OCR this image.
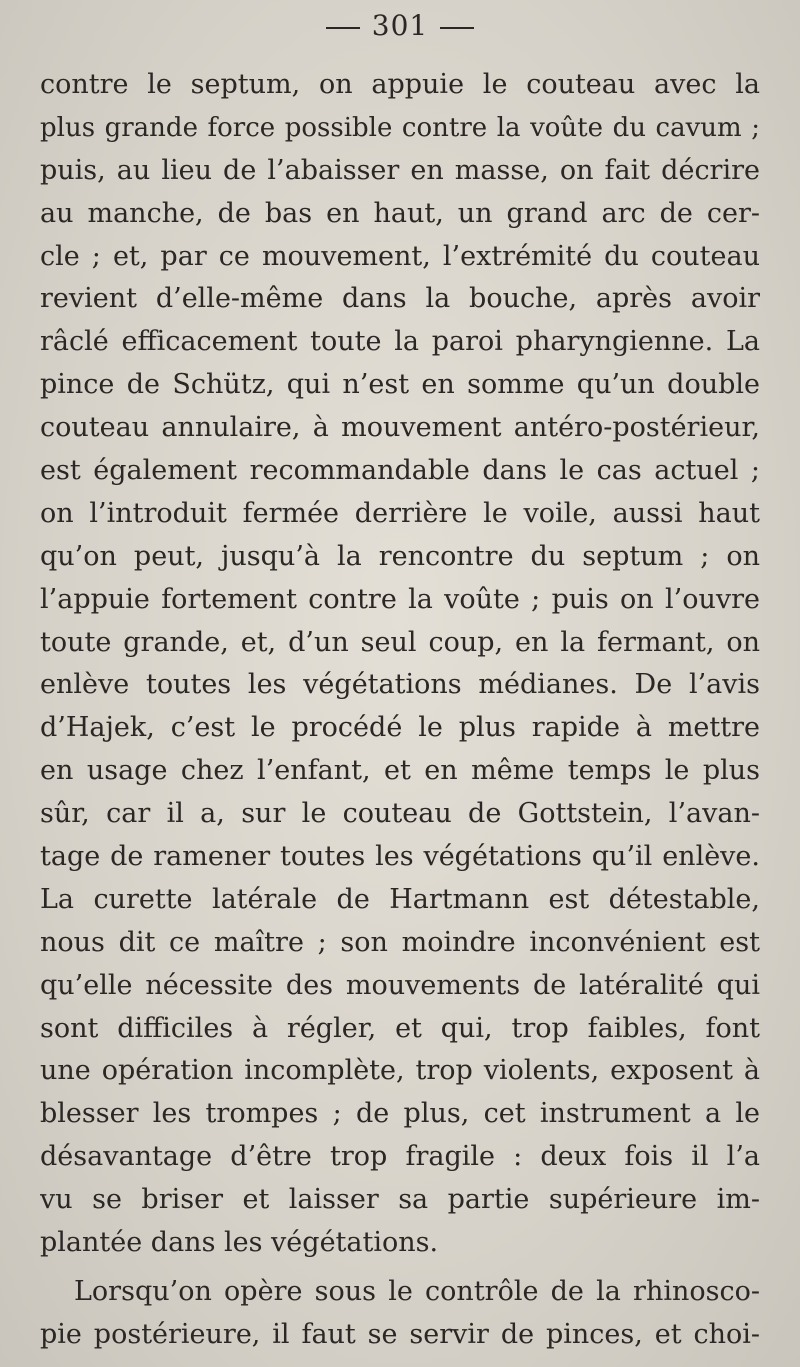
301
contre le septum, on appuie le couteau avec la
plus grande force possible contre la voûte du cavum ;
puis, au lieu de l’abaisser en masse, on fait décrire
au manche, de bas en haut, un grand arc de cer-
cle ; et, par ce mouvement, l’extrémité du couteau
revient d’elle-même dans la bouche, après avoir
râclé efficacement toute la paroi pharyngienne. La
pince de Schütz, qui n’est en somme qu’un double
couteau annulaire, à mouvement antéro-postérieur,
est également recommandable dans le cas actuel ;
on l’introduit fermée derrière le voile, aussi haut
qu’on peut, jusqu’à la rencontre du septum ; on
l’appuie fortement contre la voûte ; puis on l’ouvre
toute grande, et, d’un seul coup, en la fermant, on
enlève toutes les végétations médianes. De l’avis
d’Hajek, c’est le procédé le plus rapide à mettre
en usage chez l’enfant, et en même temps le plus
sûr, car il a, sur le couteau de Gottstein, l’avan-
tage de ramener toutes les végétations qu’il enlève.
La curette latérale de Hartmann est détestable,
nous dit ce maître ; son moindre inconvénient est
qu’elle nécessite des mouvements de latéralité qui
sont difficiles à régler, et qui, trop faibles, font
une opération incomplète, trop violents, exposent à
blesser les trompes ; de plus, cet instrument a le
désavantage d’être trop fragile : deux fois il l’a
vu se briser et laisser sa partie supérieure im-
plantée dans les végétations.
Lorsqu’on opère sous le contrôle de la rhinosco-
pie postérieure, il faut se servir de pinces, et choi-
